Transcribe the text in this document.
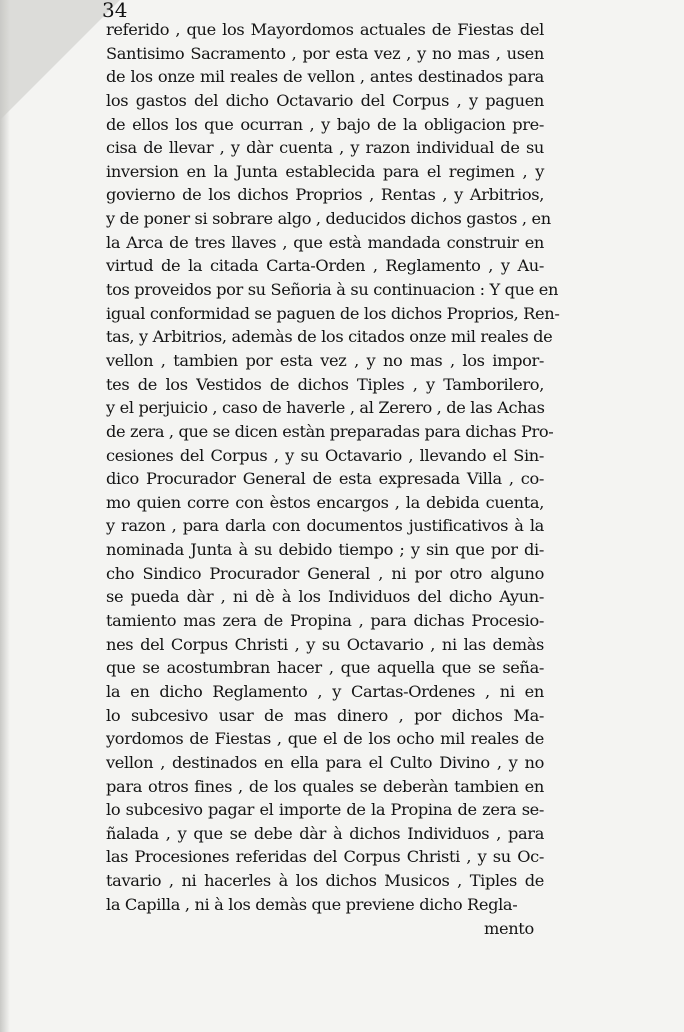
34
referido , que los Mayordomos actuales de Fiestas del
Santisimo Sacramento , por esta vez , y no mas , usen
de los onze mil reales de vellon , antes destinados para
los gastos del dicho Octavario del Corpus , y paguen
de ellos los que ocurran , y bajo de la obligacion pre-
cisa de llevar , y dàr cuenta , y razon individual de su
inversion en la Junta establecida para el regimen , y
govierno de los dichos Proprios , Rentas , y Arbitrios,
y de poner si sobrare algo , deducidos dichos gastos , en
la Arca de tres llaves , que està mandada construir en
virtud de la citada Carta-Orden , Reglamento , y Au-
tos proveidos por su Señoria à su continuacion : Y que en
igual conformidad se paguen de los dichos Proprios, Ren-
tas, y Arbitrios, ademàs de los citados onze mil reales de
vellon , tambien por esta vez , y no mas , los impor-
tes de los Vestidos de dichos Tiples , y Tamborilero,
y el perjuicio , caso de haverle , al Zerero , de las Achas
de zera , que se dicen estàn preparadas para dichas Pro-
cesiones del Corpus , y su Octavario , llevando el Sin-
dico Procurador General de esta expresada Villa , co-
mo quien corre con èstos encargos , la debida cuenta,
y razon , para darla con documentos justificativos à la
nominada Junta à su debido tiempo ; y sin que por di-
cho Sindico Procurador General , ni por otro alguno
se pueda dàr , ni dè à los Individuos del dicho Ayun-
tamiento mas zera de Propina , para dichas Procesio-
nes del Corpus Christi , y su Octavario , ni las demàs
que se acostumbran hacer , que aquella que se seña-
la en dicho Reglamento , y Cartas-Ordenes , ni en
lo subcesivo usar de mas dinero , por dichos Ma-
yordomos de Fiestas , que el de los ocho mil reales de
vellon , destinados en ella para el Culto Divino , y no
para otros fines , de los quales se deberàn tambien en
lo subcesivo pagar el importe de la Propina de zera se-
ñalada , y que se debe dàr à dichos Individuos , para
las Procesiones referidas del Corpus Christi , y su Oc-
tavario , ni hacerles à los dichos Musicos , Tiples de
la Capilla , ni à los demàs que previene dicho Regla-
mento
